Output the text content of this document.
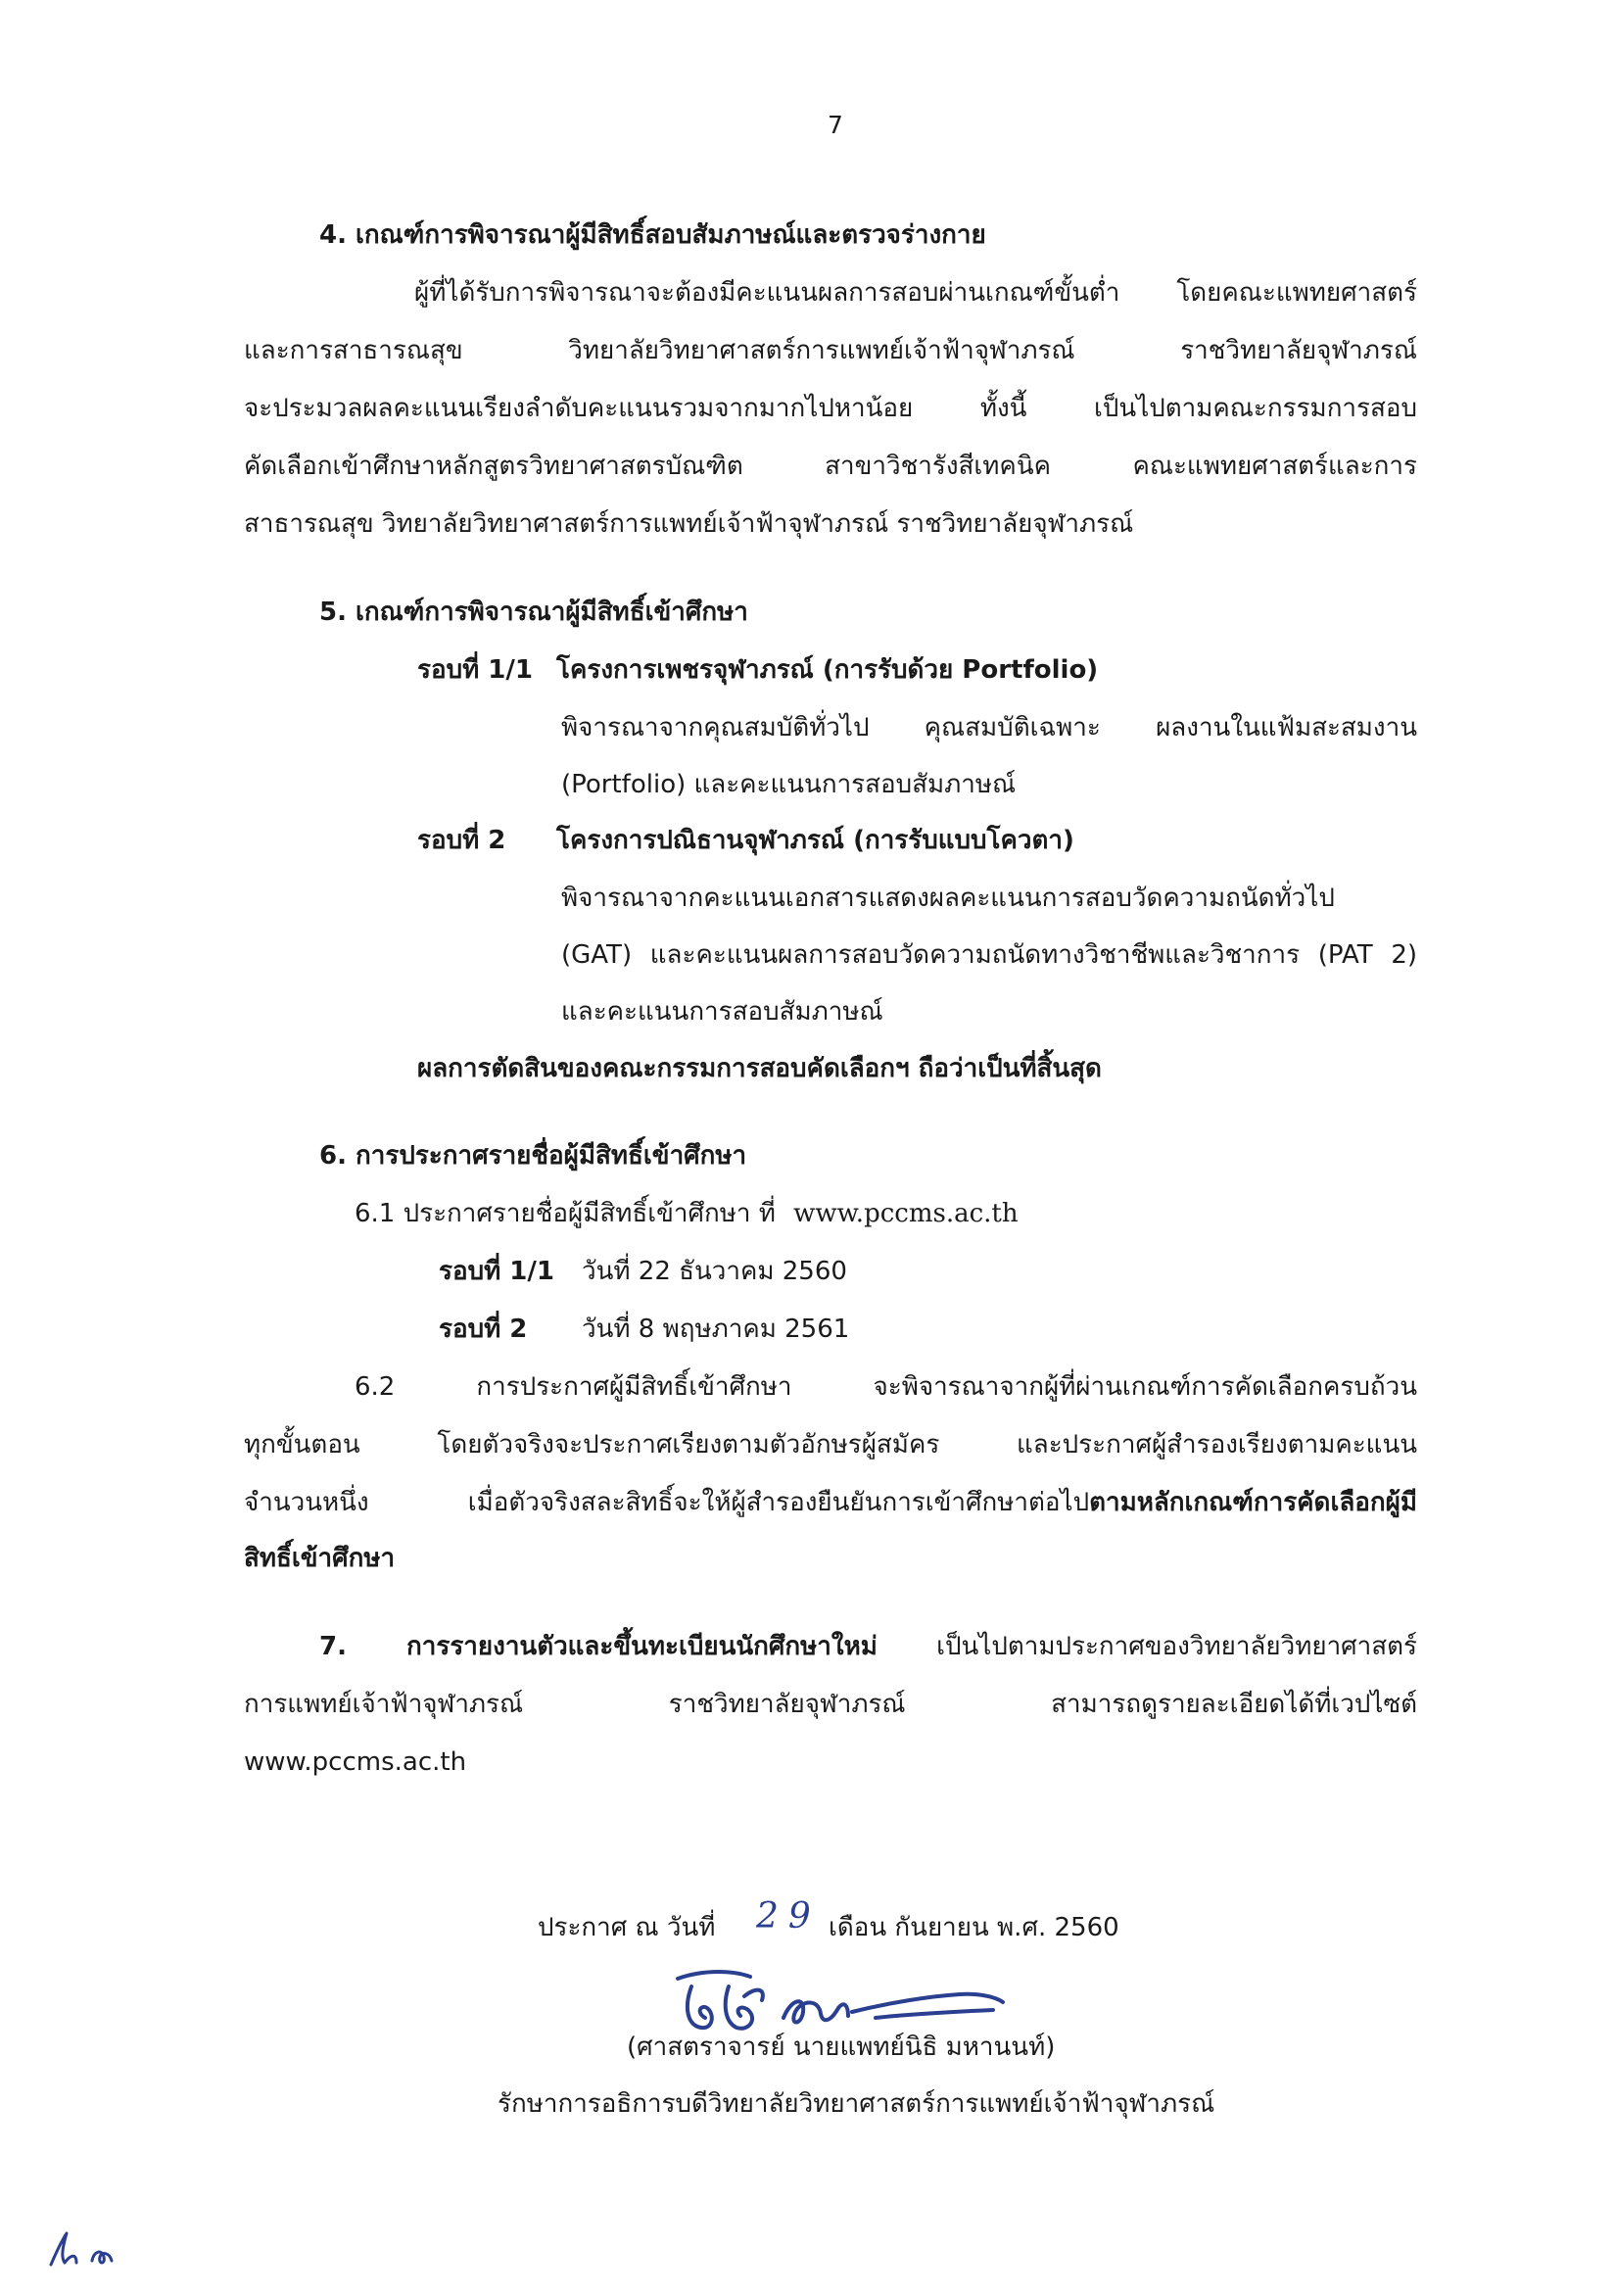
7
4. เกณฑ์การพิจารณาผู้มีสิทธิ์สอบสัมภาษณ์และตรวจร่างกาย
ผู้ที่ได้รับการพิจารณาจะต้องมีคะแนนผลการสอบผ่านเกณฑ์ขั้นต่ำ โดยคณะแพทยศาสตร์
และการสาธารณสุข วิทยาลัยวิทยาศาสตร์การแพทย์เจ้าฟ้าจุฬาภรณ์ ราชวิทยาลัยจุฬาภรณ์
จะประมวลผลคะแนนเรียงลำดับคะแนนรวมจากมากไปหาน้อย ทั้งนี้ เป็นไปตามคณะกรรมการสอบ
คัดเลือกเข้าศึกษาหลักสูตรวิทยาศาสตรบัณฑิต สาขาวิชารังสีเทคนิค คณะแพทยศาสตร์และการ
สาธารณสุข วิทยาลัยวิทยาศาสตร์การแพทย์เจ้าฟ้าจุฬาภรณ์ ราชวิทยาลัยจุฬาภรณ์
5. เกณฑ์การพิจารณาผู้มีสิทธิ์เข้าศึกษา
รอบที่ 1/1 โครงการเพชรจุฬาภรณ์ (การรับด้วย Portfolio)
พิจารณาจากคุณสมบัติทั่วไป คุณสมบัติเฉพาะ ผลงานในแฟ้มสะสมงาน
(Portfolio) และคะแนนการสอบสัมภาษณ์
รอบที่ 2 โครงการปณิธานจุฬาภรณ์ (การรับแบบโควตา)
พิจารณาจากคะแนนเอกสารแสดงผลคะแนนการสอบวัดความถนัดทั่วไป
(GAT) และคะแนนผลการสอบวัดความถนัดทางวิชาชีพและวิชาการ (PAT 2)
และคะแนนการสอบสัมภาษณ์
ผลการตัดสินของคณะกรรมการสอบคัดเลือกฯ ถือว่าเป็นที่สิ้นสุด
6. การประกาศรายชื่อผู้มีสิทธิ์เข้าศึกษา
6.1 ประกาศรายชื่อผู้มีสิทธิ์เข้าศึกษา ที่ www.pccms.ac.th
รอบที่ 1/1 วันที่ 22 ธันวาคม 2560
รอบที่ 2 วันที่ 8 พฤษภาคม 2561
6.2 การประกาศผู้มีสิทธิ์เข้าศึกษา จะพิจารณาจากผู้ที่ผ่านเกณฑ์การคัดเลือกครบถ้วน
ทุกขั้นตอน โดยตัวจริงจะประกาศเรียงตามตัวอักษรผู้สมัคร และประกาศผู้สำรองเรียงตามคะแนน
จำนวนหนึ่ง เมื่อตัวจริงสละสิทธิ์จะให้ผู้สำรองยืนยันการเข้าศึกษาต่อไปตามหลักเกณฑ์การคัดเลือกผู้มี
สิทธิ์เข้าศึกษา
7. การรายงานตัวและขึ้นทะเบียนนักศึกษาใหม่ เป็นไปตามประกาศของวิทยาลัยวิทยาศาสตร์
การแพทย์เจ้าฟ้าจุฬาภรณ์ ราชวิทยาลัยจุฬาภรณ์ สามารถดูรายละเอียดได้ที่เวปไซต์
www.pccms.ac.th
ประกาศ ณ วันที่ 29 เดือน กันยายน พ.ศ. 2560
(ศาสตราจารย์ นายแพทย์นิธิ มหานนท์)
รักษาการอธิการบดีวิทยาลัยวิทยาศาสตร์การแพทย์เจ้าฟ้าจุฬาภรณ์
